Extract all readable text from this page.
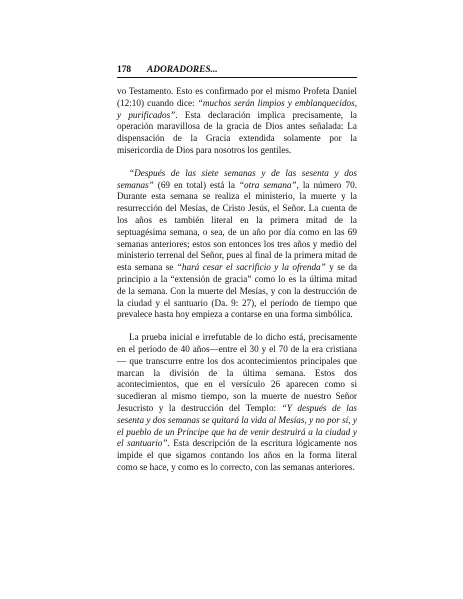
178	ADORADORES...

vo Testamento. Esto es confirmado por el mismo Profeta Daniel (12:10) cuando dice: “muchos serán limpios y emblanquecidos, y purificados”. Esta declaración implica precisamente, la operación maravillosa de la gracia de Dios antes señalada: La dispensación de la Gracia extendida solamente por la misericordia de Dios para nosotros los gentiles.

“Después de las siete semanas y de las sesenta y dos semanas” (69 en total) está la “otra semana”, la número 70. Durante esta semana se realiza el ministerio, la muerte y la resurrección del Mesías, de Cristo Jesús, el Señor. La cuenta de los años es también literal en la primera mitad de la septuagésima semana, o sea, de un año por día como en las 69 semanas anteriores; estos son entonces los tres años y medio del ministerio terrenal del Señor, pues al final de la primera mitad de esta semana se “hará cesar el sacrificio y la ofrenda” y se da principio a la “extensión de gracia” como lo es la última mitad de la semana. Con la muerte del Mesías, y con la destrucción de la ciudad y el santuario (Da. 9: 27), el período de tiempo que prevalece hasta hoy empieza a contarse en una forma simbólica.

La prueba inicial e irrefutable de lo dicho está, precisamente en el período de 40 años—entre el 30 y el 70 de la era cristiana— que transcurre entre los dos acontecimientos principales que marcan la división de la última semana. Estos dos acontecimientos, que en el versículo 26 aparecen como si sucedieran al mismo tiempo, son la muerte de nuestro Señor Jesucristo y la destrucción del Templo: “Y después de las sesenta y dos semanas se quitará la vida al Mesías, y no por sí, y el pueblo de un Príncipe que ha de venir destruirá a la ciudad y el santuario”. Esta descripción de la escritura lógicamente nos impide el que sigamos contando los años en la forma literal como se hace, y como es lo correcto, con las semanas anteriores.
